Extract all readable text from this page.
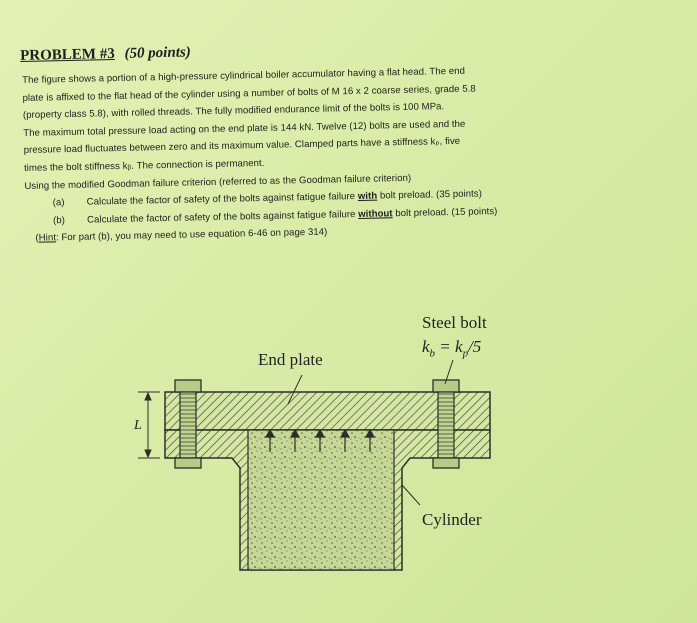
PROBLEM #3 (50 points)
The figure shows a portion of a high-pressure cylindrical boiler accumulator having a flat head. The end
plate is affixed to the flat head of the cylinder using a number of bolts of M 16 x 2 coarse series, grade 5.8
(property class 5.8), with rolled threads. The fully modified endurance limit of the bolts is 100 MPa.
The maximum total pressure load acting on the end plate is 144 kN. Twelve (12) bolts are used and the
pressure load fluctuates between zero and its maximum value. Clamped parts have a stiffness kₚ, five
times the bolt stiffness kᵦ. The connection is permanent.
Using the modified Goodman failure criterion (referred to as the Goodman failure criterion)
(a) Calculate the factor of safety of the bolts against fatigue failure with bolt preload. (35 points)
(b) Calculate the factor of safety of the bolts against fatigue failure without bolt preload. (15 points)
(Hint: For part (b), you may need to use equation 6-46 on page 314)
End plate
Steel bolt
$k_b = k_p/5$
Cylinder
L
